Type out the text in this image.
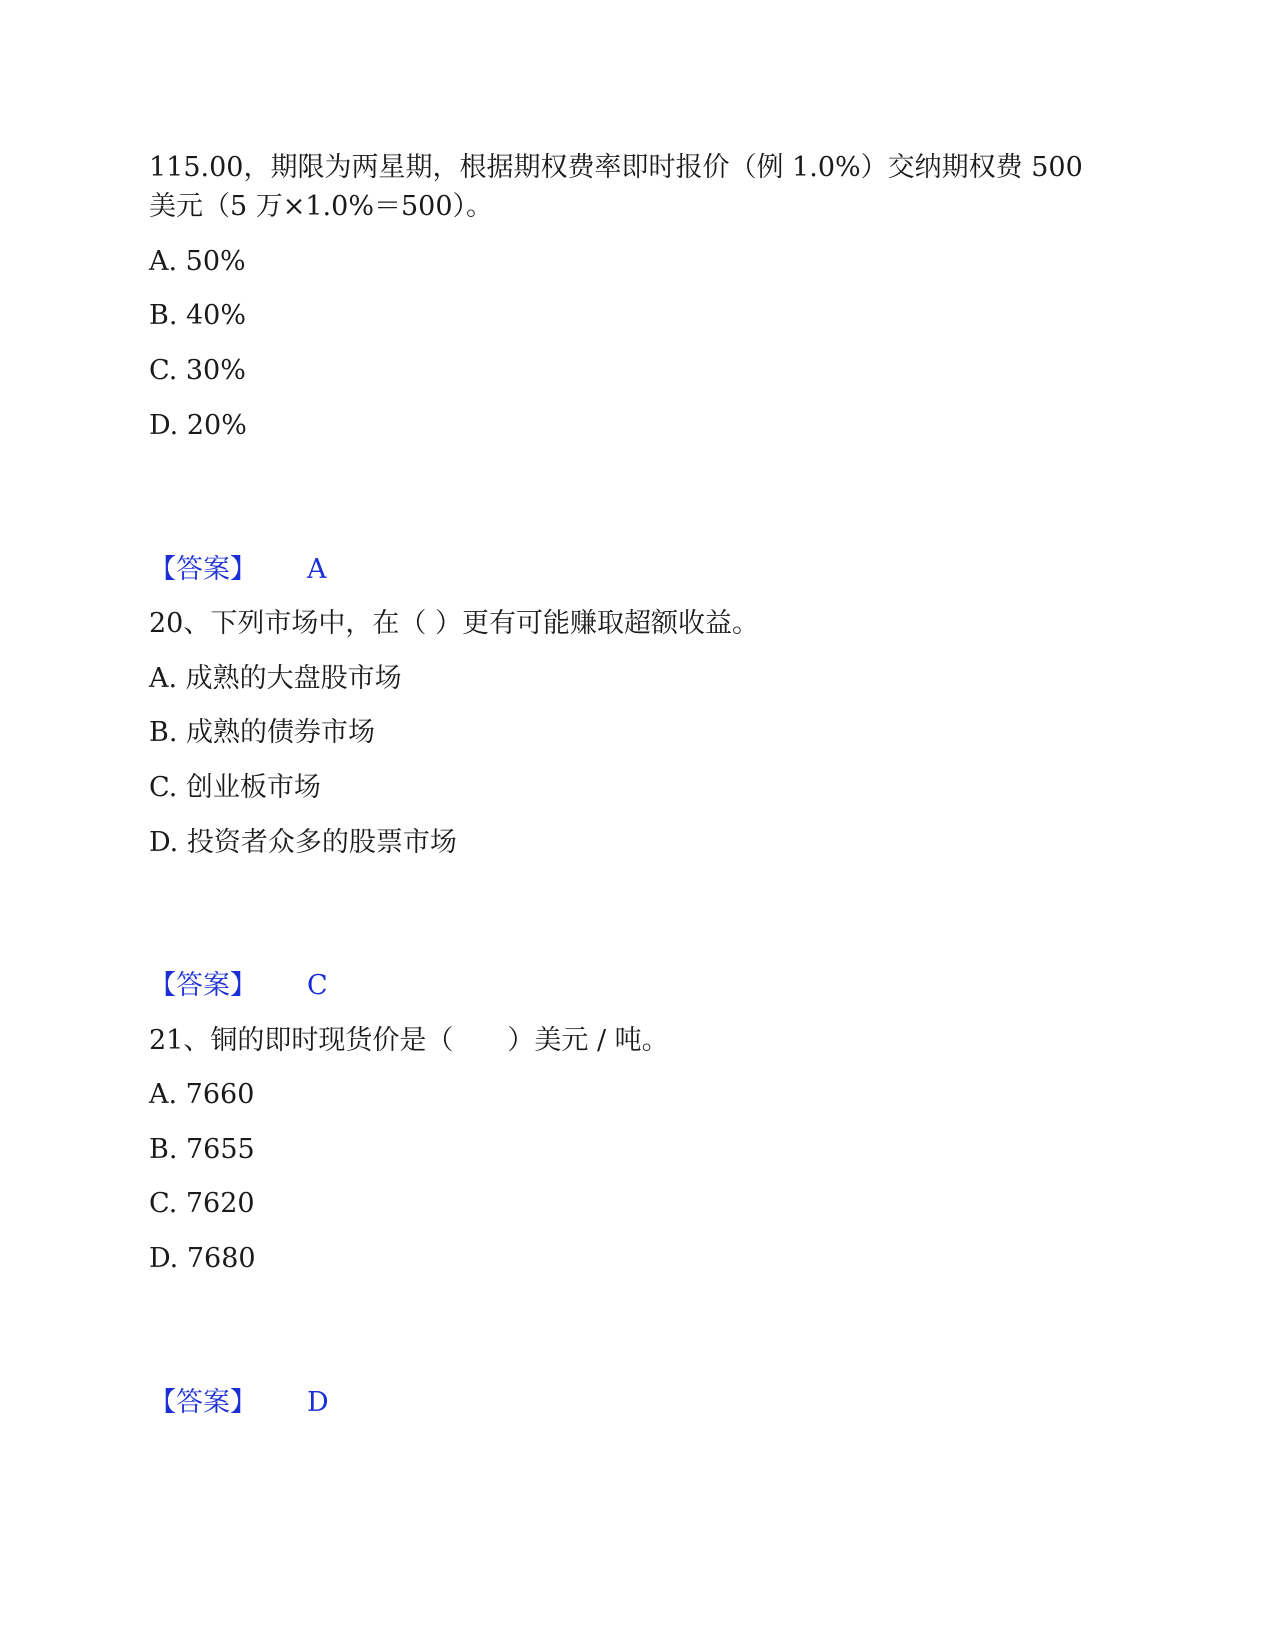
115.00，期限为两星期，根据期权费率即时报价（例 1.0%）交纳期权费 500
美元（5 万×1.0%＝500）。
A. 50%
B. 40%
C. 30%
D. 20%
【答案】 A
20、下列市场中，在（ ）更有可能赚取超额收益。
A. 成熟的大盘股市场
B. 成熟的债券市场
C. 创业板市场
D. 投资者众多的股票市场
【答案】 C
21、铜的即时现货价是（　　）美元 / 吨。
A. 7660
B. 7655
C. 7620
D. 7680
【答案】 D
